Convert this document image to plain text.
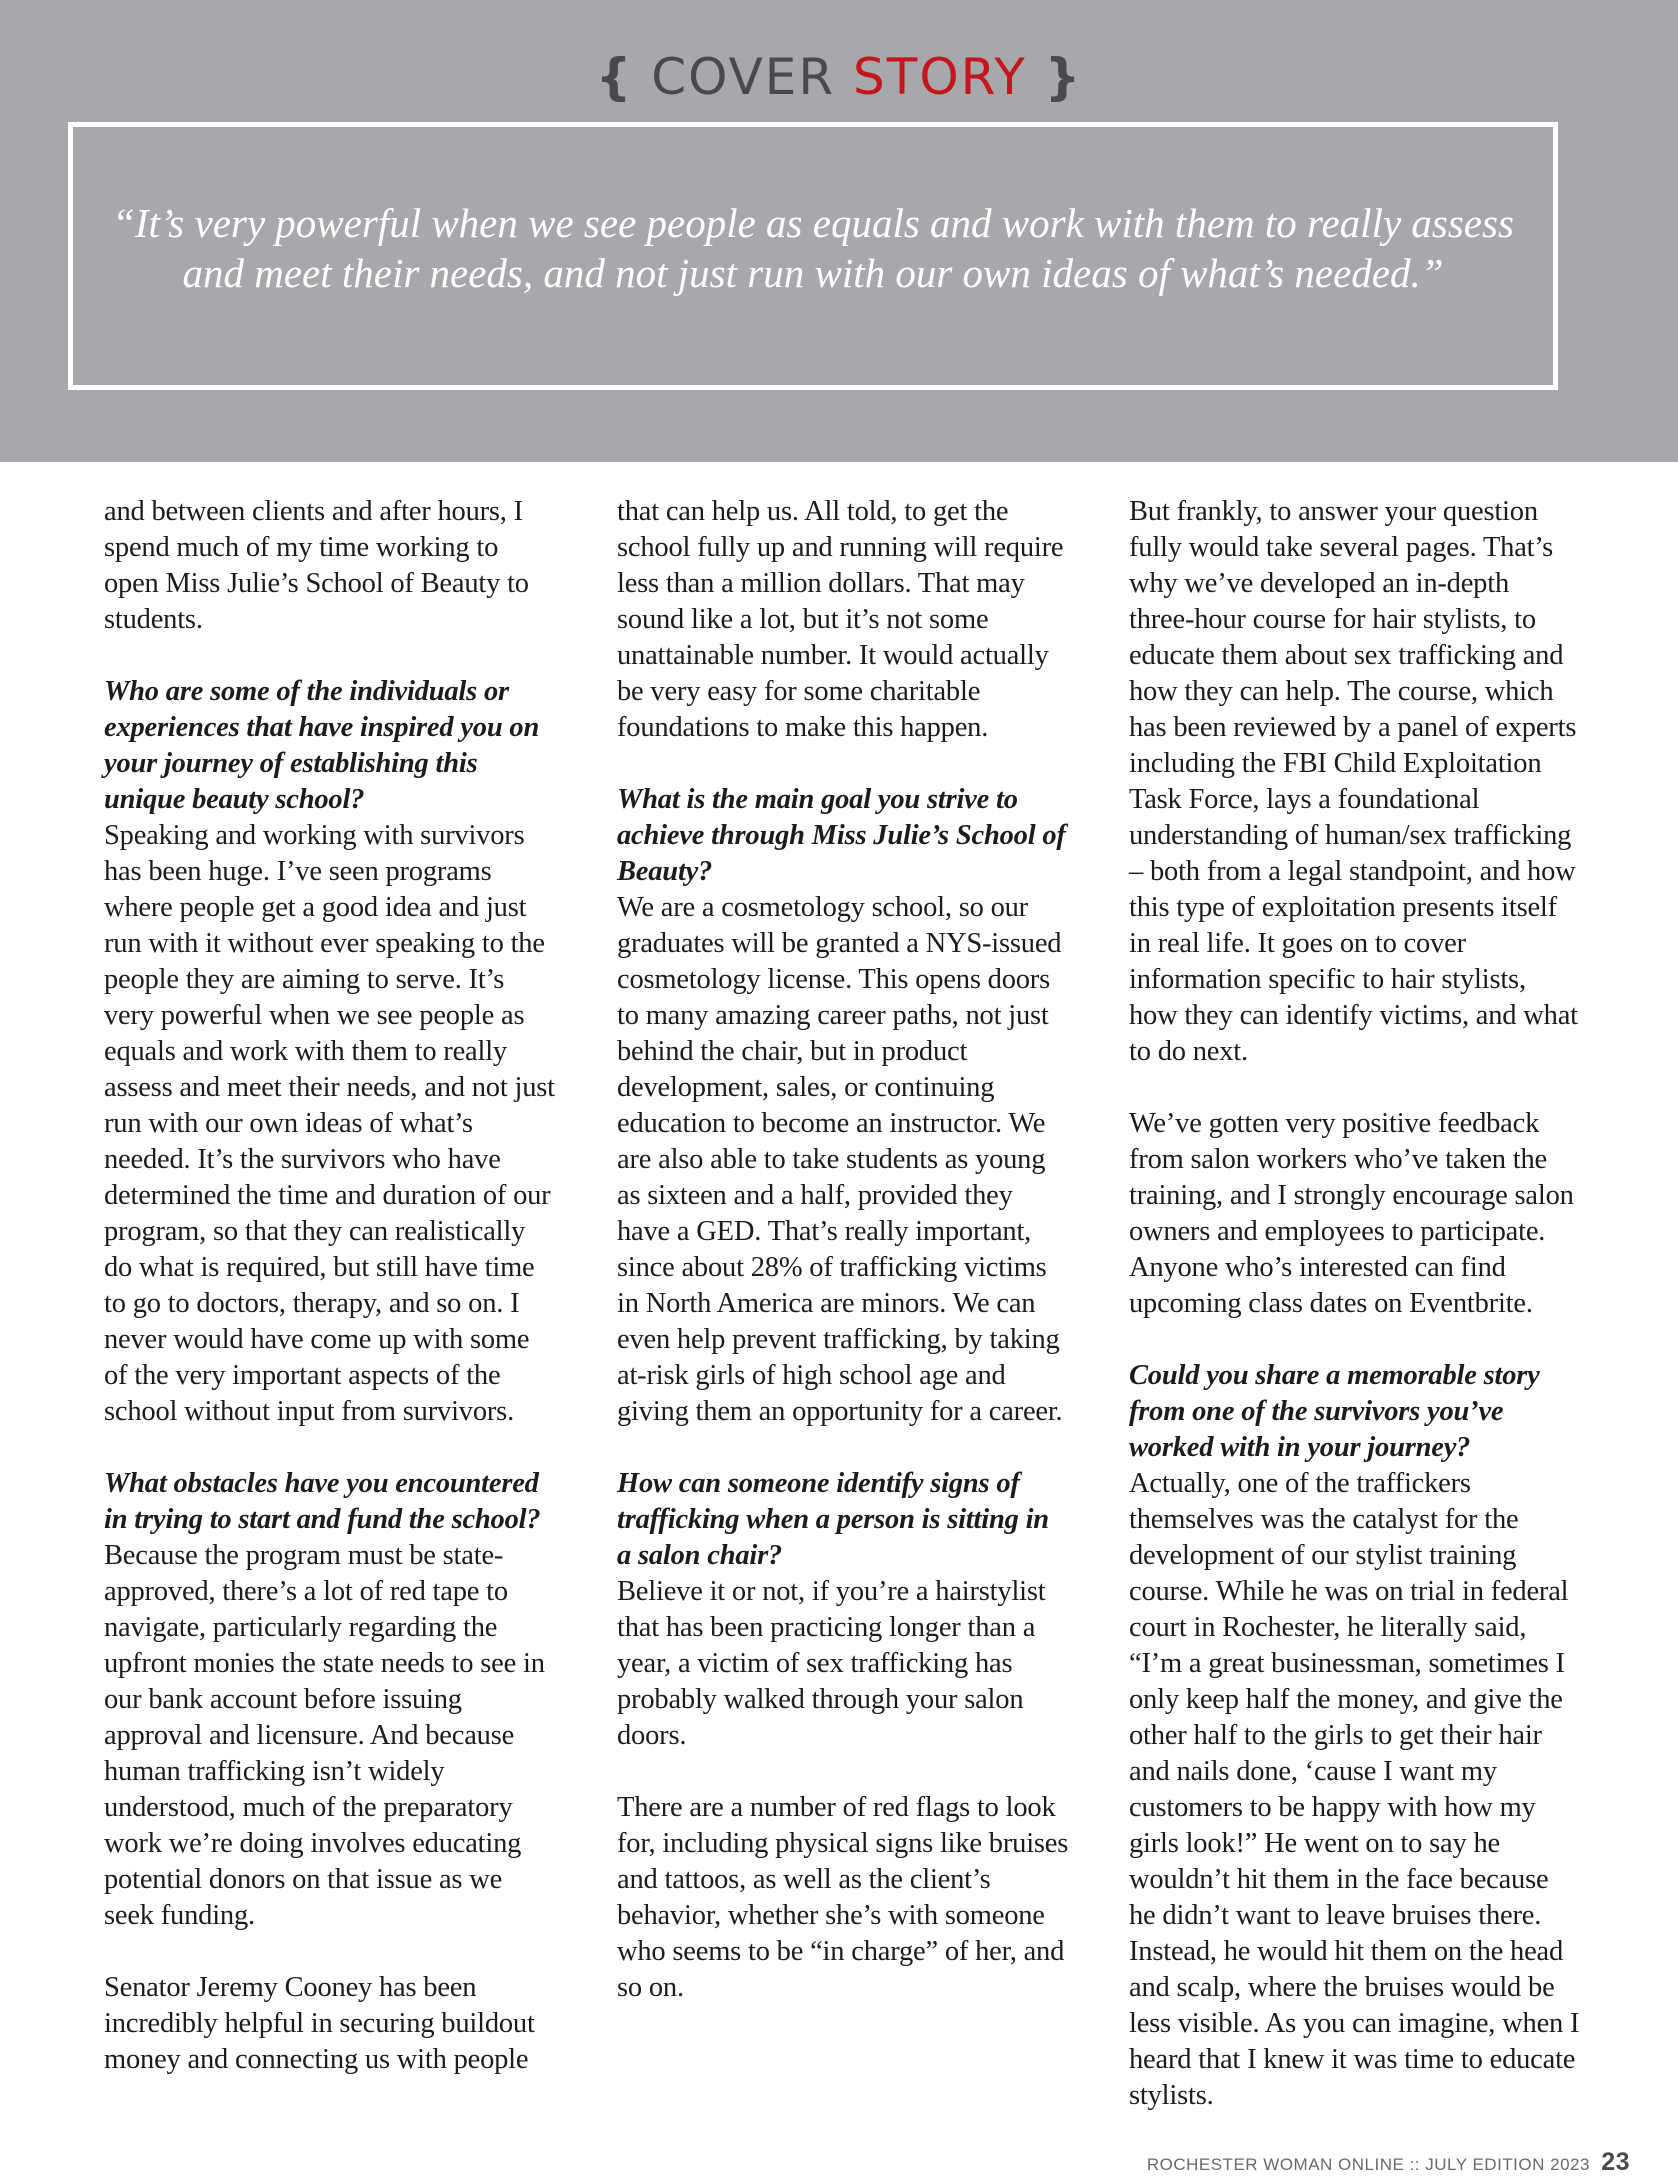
{ COVER STORY }
“It’s very powerful when we see people as equals and work with them to really assess and meet their needs, and not just run with our own ideas of what’s needed.”

and between clients and after hours, I spend much of my time working to open Miss Julie’s School of Beauty to students.

Who are some of the individuals or experiences that have inspired you on your journey of establishing this unique beauty school?

Speaking and working with survivors has been huge. I’ve seen programs where people get a good idea and just run with it without ever speaking to the people they are aiming to serve. It’s very powerful when we see people as equals and work with them to really assess and meet their needs, and not just run with our own ideas of what’s needed. It’s the survivors who have determined the time and duration of our program, so that they can realistically do what is required, but still have time to go to doctors, therapy, and so on. I never would have come up with some of the very important aspects of the school without input from survivors.

What obstacles have you encountered in trying to start and fund the school?

Because the program must be state-approved, there’s a lot of red tape to navigate, particularly regarding the upfront monies the state needs to see in our bank account before issuing approval and licensure. And because human trafficking isn’t widely understood, much of the preparatory work we’re doing involves educating potential donors on that issue as we seek funding.

Senator Jeremy Cooney has been incredibly helpful in securing buildout money and connecting us with people

that can help us. All told, to get the school fully up and running will require less than a million dollars. That may sound like a lot, but it’s not some unattainable number. It would actually be very easy for some charitable foundations to make this happen.

What is the main goal you strive to achieve through Miss Julie’s School of Beauty?

We are a cosmetology school, so our graduates will be granted a NYS-issued cosmetology license. This opens doors to many amazing career paths, not just behind the chair, but in product development, sales, or continuing education to become an instructor. We are also able to take students as young as sixteen and a half, provided they have a GED. That’s really important, since about 28% of trafficking victims in North America are minors. We can even help prevent trafficking, by taking at-risk girls of high school age and giving them an opportunity for a career.

How can someone identify signs of trafficking when a person is sitting in a salon chair?

Believe it or not, if you’re a hairstylist that has been practicing longer than a year, a victim of sex trafficking has probably walked through your salon doors.

There are a number of red flags to look for, including physical signs like bruises and tattoos, as well as the client’s behavior, whether she’s with someone who seems to be “in charge” of her, and so on.

But frankly, to answer your question fully would take several pages. That’s why we’ve developed an in-depth three-hour course for hair stylists, to educate them about sex trafficking and how they can help. The course, which has been reviewed by a panel of experts including the FBI Child Exploitation Task Force, lays a foundational understanding of human/sex trafficking – both from a legal standpoint, and how this type of exploitation presents itself in real life. It goes on to cover information specific to hair stylists, how they can identify victims, and what to do next.

We’ve gotten very positive feedback from salon workers who’ve taken the training, and I strongly encourage salon owners and employees to participate. Anyone who’s interested can find upcoming class dates on Eventbrite.

Could you share a memorable story from one of the survivors you’ve worked with in your journey?

Actually, one of the traffickers themselves was the catalyst for the development of our stylist training course. While he was on trial in federal court in Rochester, he literally said, “I’m a great businessman, sometimes I only keep half the money, and give the other half to the girls to get their hair and nails done, ‘cause I want my customers to be happy with how my girls look!” He went on to say he wouldn’t hit them in the face because he didn’t want to leave bruises there. Instead, he would hit them on the head and scalp, where the bruises would be less visible. As you can imagine, when I heard that I knew it was time to educate stylists.

ROCHESTER WOMAN ONLINE :: JULY EDITION 2023 23
